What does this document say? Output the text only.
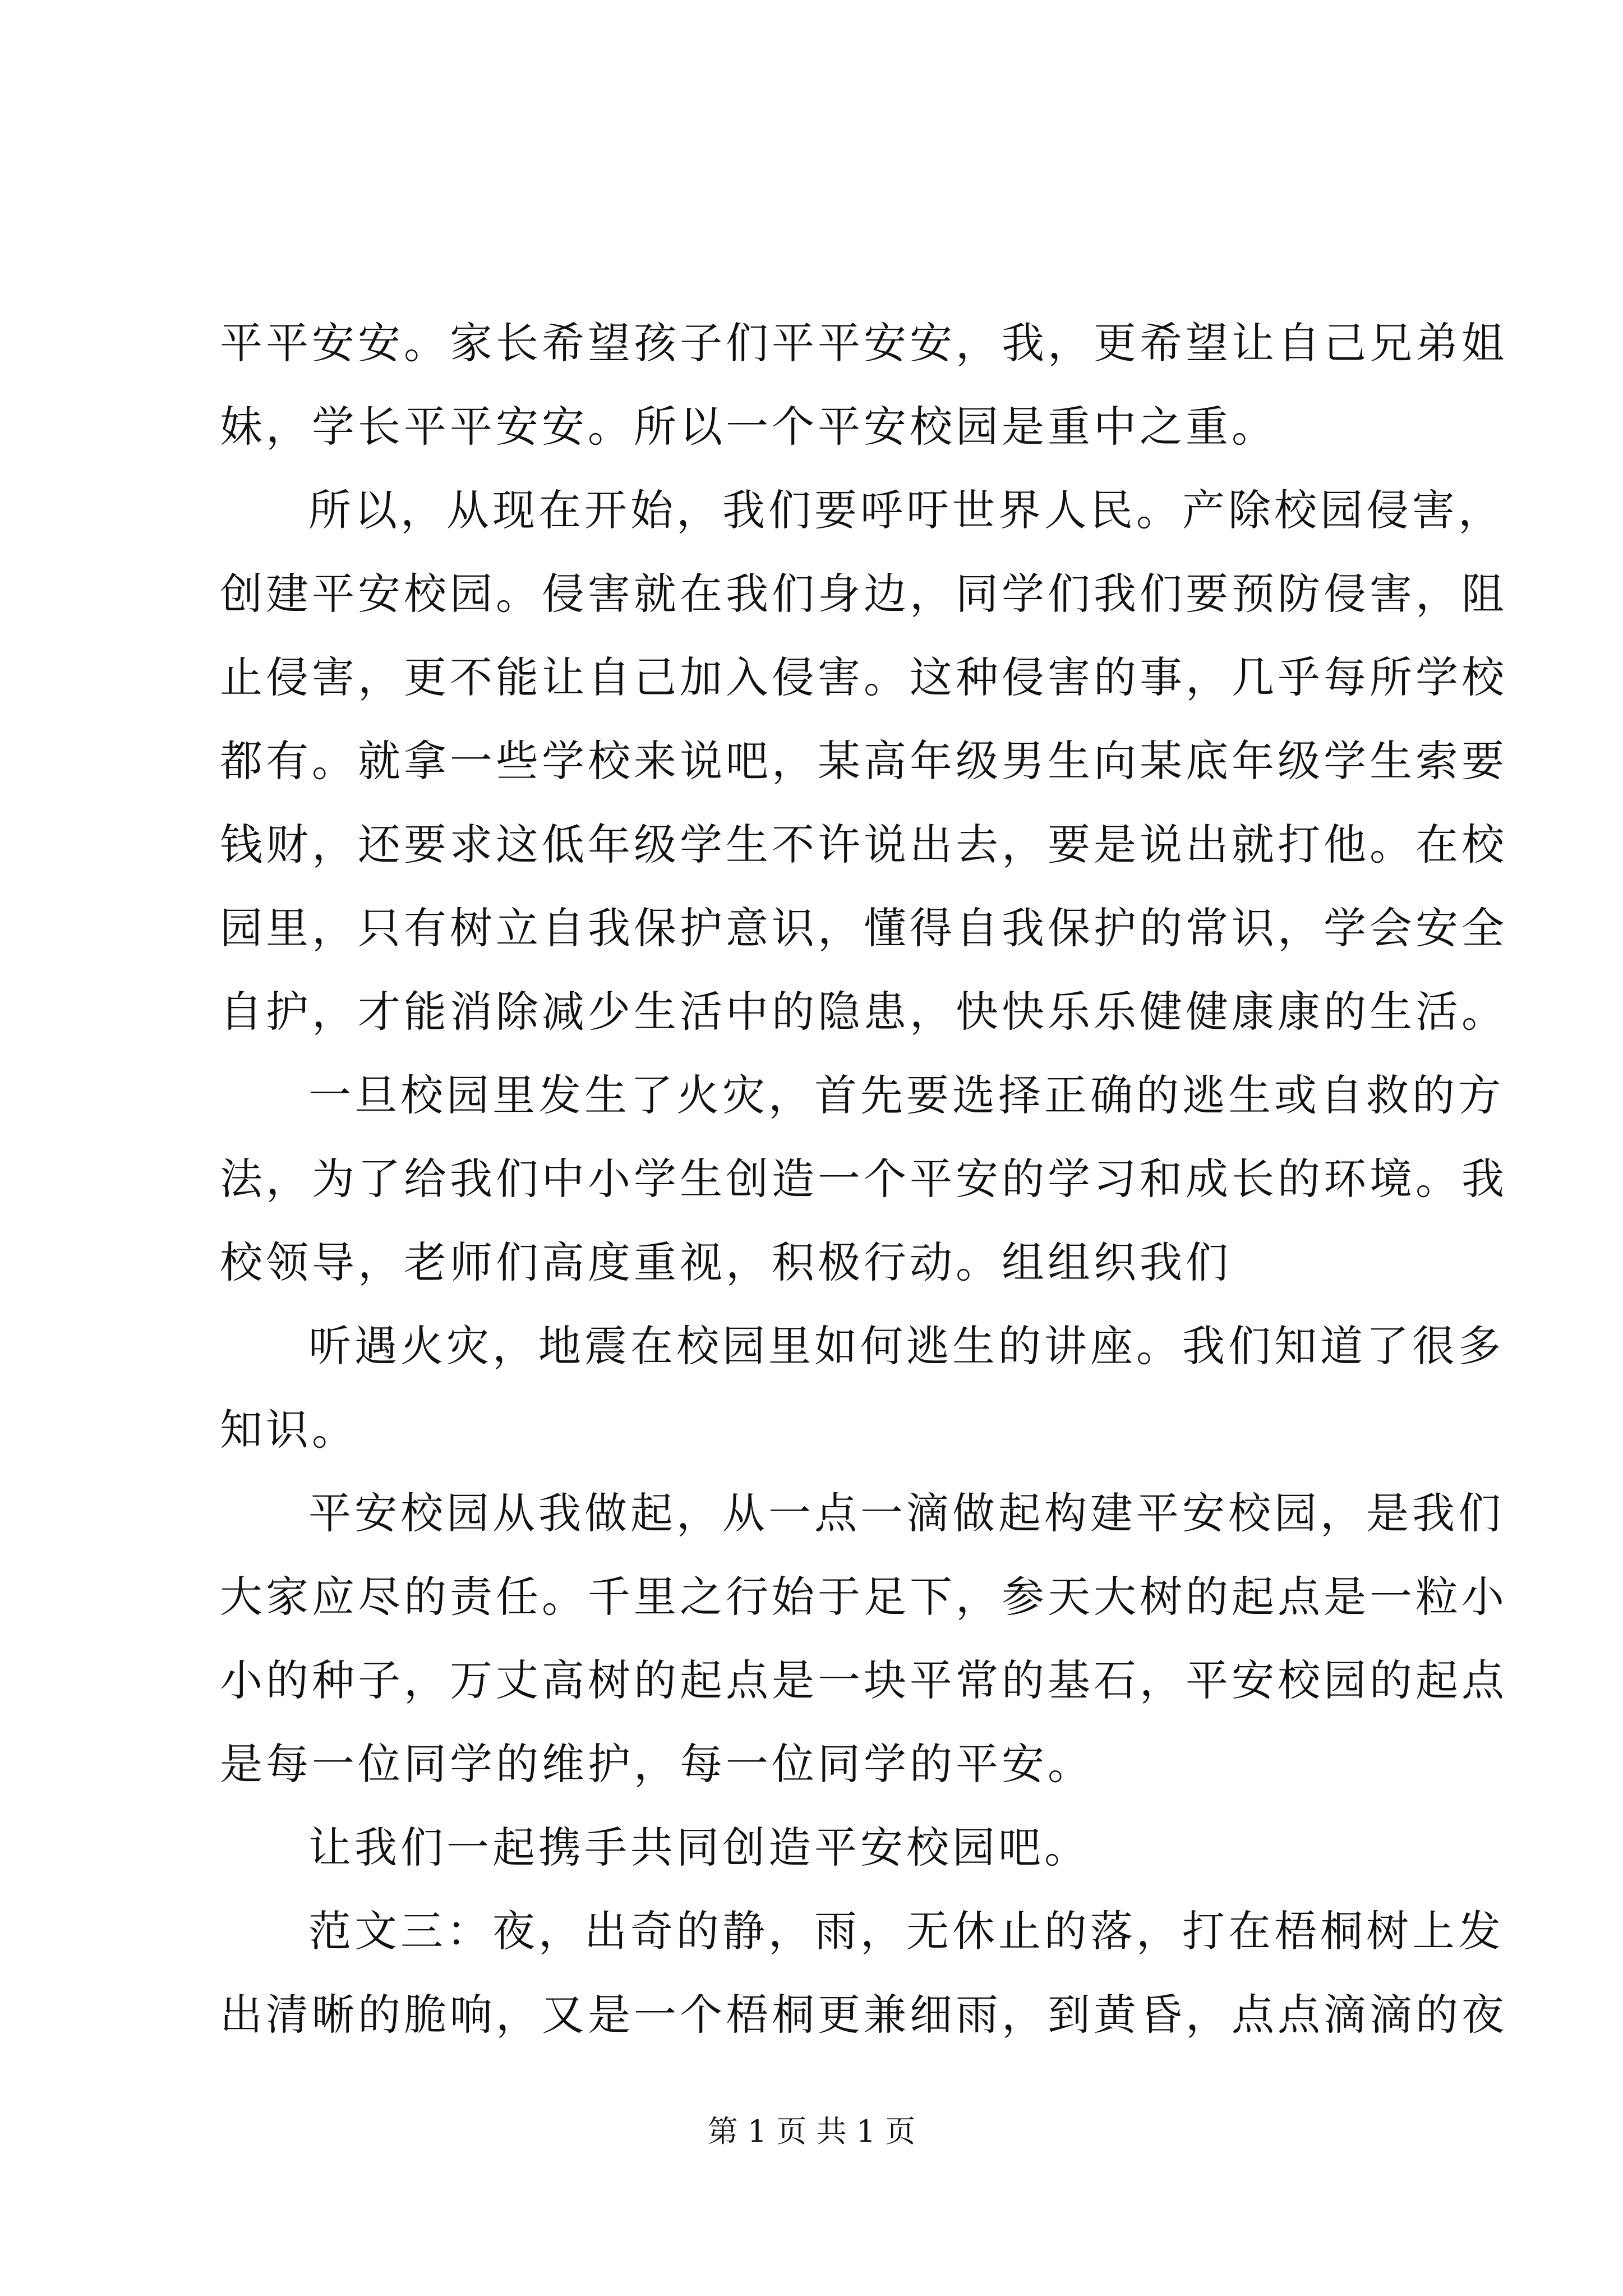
平平安安。家长希望孩子们平平安安，我，更希望让自己兄弟姐
妹，学长平平安安。所以一个平安校园是重中之重。
所以，从现在开始，我们要呼吁世界人民。产除校园侵害，
创建平安校园。侵害就在我们身边，同学们我们要预防侵害，阻
止侵害，更不能让自己加入侵害。这种侵害的事，几乎每所学校
都有。就拿一些学校来说吧，某高年级男生向某底年级学生索要
钱财，还要求这低年级学生不许说出去，要是说出就打他。在校
园里，只有树立自我保护意识，懂得自我保护的常识，学会安全
自护，才能消除减少生活中的隐患，快快乐乐健健康康的生活。
一旦校园里发生了火灾，首先要选择正确的逃生或自救的方
法，为了给我们中小学生创造一个平安的学习和成长的环境。我
校领导，老师们高度重视，积极行动。组组织我们
听遇火灾，地震在校园里如何逃生的讲座。我们知道了很多
知识。
平安校园从我做起，从一点一滴做起构建平安校园，是我们
大家应尽的责任。千里之行始于足下，参天大树的起点是一粒小
小的种子，万丈高树的起点是一块平常的基石，平安校园的起点
是每一位同学的维护，每一位同学的平安。
让我们一起携手共同创造平安校园吧。
范文三：夜，出奇的静，雨，无休止的落，打在梧桐树上发
出清晰的脆响，又是一个梧桐更兼细雨，到黄昏，点点滴滴的夜
第 1 页 共 1 页
